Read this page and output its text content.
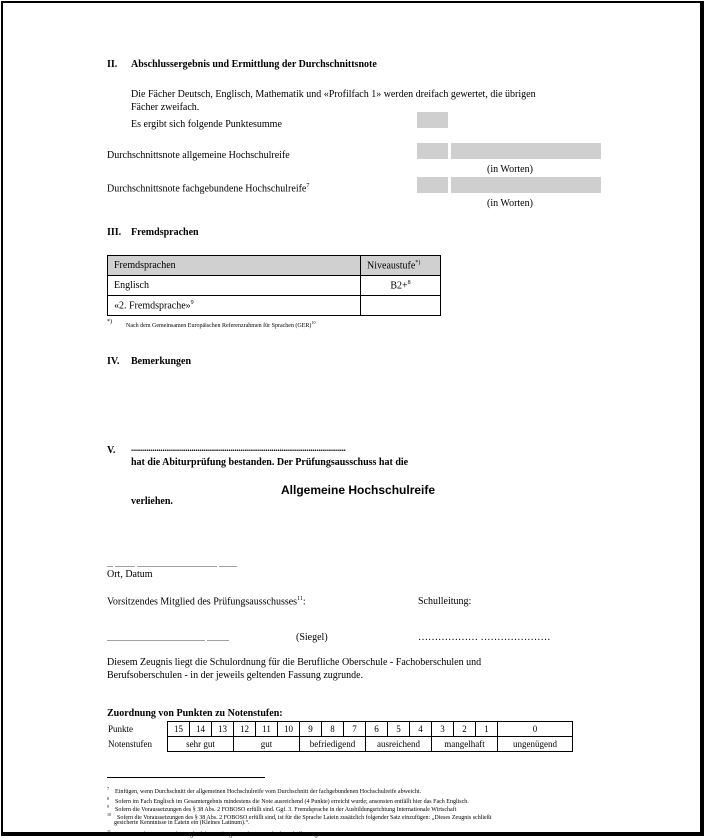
II. Abschlussergebnis und Ermittlung der Durchschnittsnote
Die Fächer Deutsch, Englisch, Mathematik und «Profilfach 1» werden dreifach gewertet, die übrigen
Fächer zweifach.
Es ergibt sich folgende Punktesumme
Durchschnittsnote allgemeine Hochschulreife
(in Worten)
Durchschnittsnote fachgebundene Hochschulreife$^7$
(in Worten)
III. Fremdsprachen
Fremdsprachen	Niveaustufe*)
Englisch	B2+$^8$
«2. Fremdsprache»$^9$	
*)
Nach dem Gemeinsamen Europäischen Referenzrahmen für Sprachen (GER)$^{10}$
IV. Bemerkungen
V. ..............................................................................................................
hat die Abiturprüfung bestanden. Der Prüfungsausschuss hat die
Allgemeine Hochschulreife
verliehen.
... .......... ........................................ .........
Ort, Datum
Vorsitzendes Mitglied des Prüfungsausschusses$^{11}$:	Schulleitung:
................................................. ...........	(Siegel)	……………… …………………
Diesem Zeugnis liegt die Schulordnung für die Berufliche Oberschule - Fachoberschulen und
Berufsoberschulen - in der jeweils geltenden Fassung zugrunde.
Zuordnung von Punkten zu Notenstufen:
Punkte	15	14	13	12	11	10	9	8	7	6	5	4	3	2	1	0
Notenstufen	sehr gut			gut			befriedigend			ausreichend			mangelhaft			ungenügend
$^7$Einfügen, wenn Durchschnitt der allgemeinen Hochschulreife vom Durchschnitt der fachgebundenen Hochschulreife abweicht.
$^8$Sofern im Fach Englisch im Gesamtergebnis mindestens die Note ausreichend (4 Punkte) erreicht wurde; ansonsten entfällt hier das Fach Englisch.
$^9$Sofern die Voraussetzungen des § 38 Abs. 2 FOBOSO erfüllt sind. Ggf. 3. Fremdsprache in der Ausbildungsrichtung Internationale Wirtschaft
$^{10}$Sofern die Voraussetzungen des § 38 Abs. 2 FOBOSO erfüllt sind, ist für die Sprache Latein zusätzlich folgender Satz einzufügen: „Dieses Zeugnis schließt
gesicherte Kenntnisse in Latein ein (Kleines Latinum).“.
$^{11}$Nur wenn das Vorsitzende Mitglied des Prüfungsausschusses nicht die Schulleitung ist.
